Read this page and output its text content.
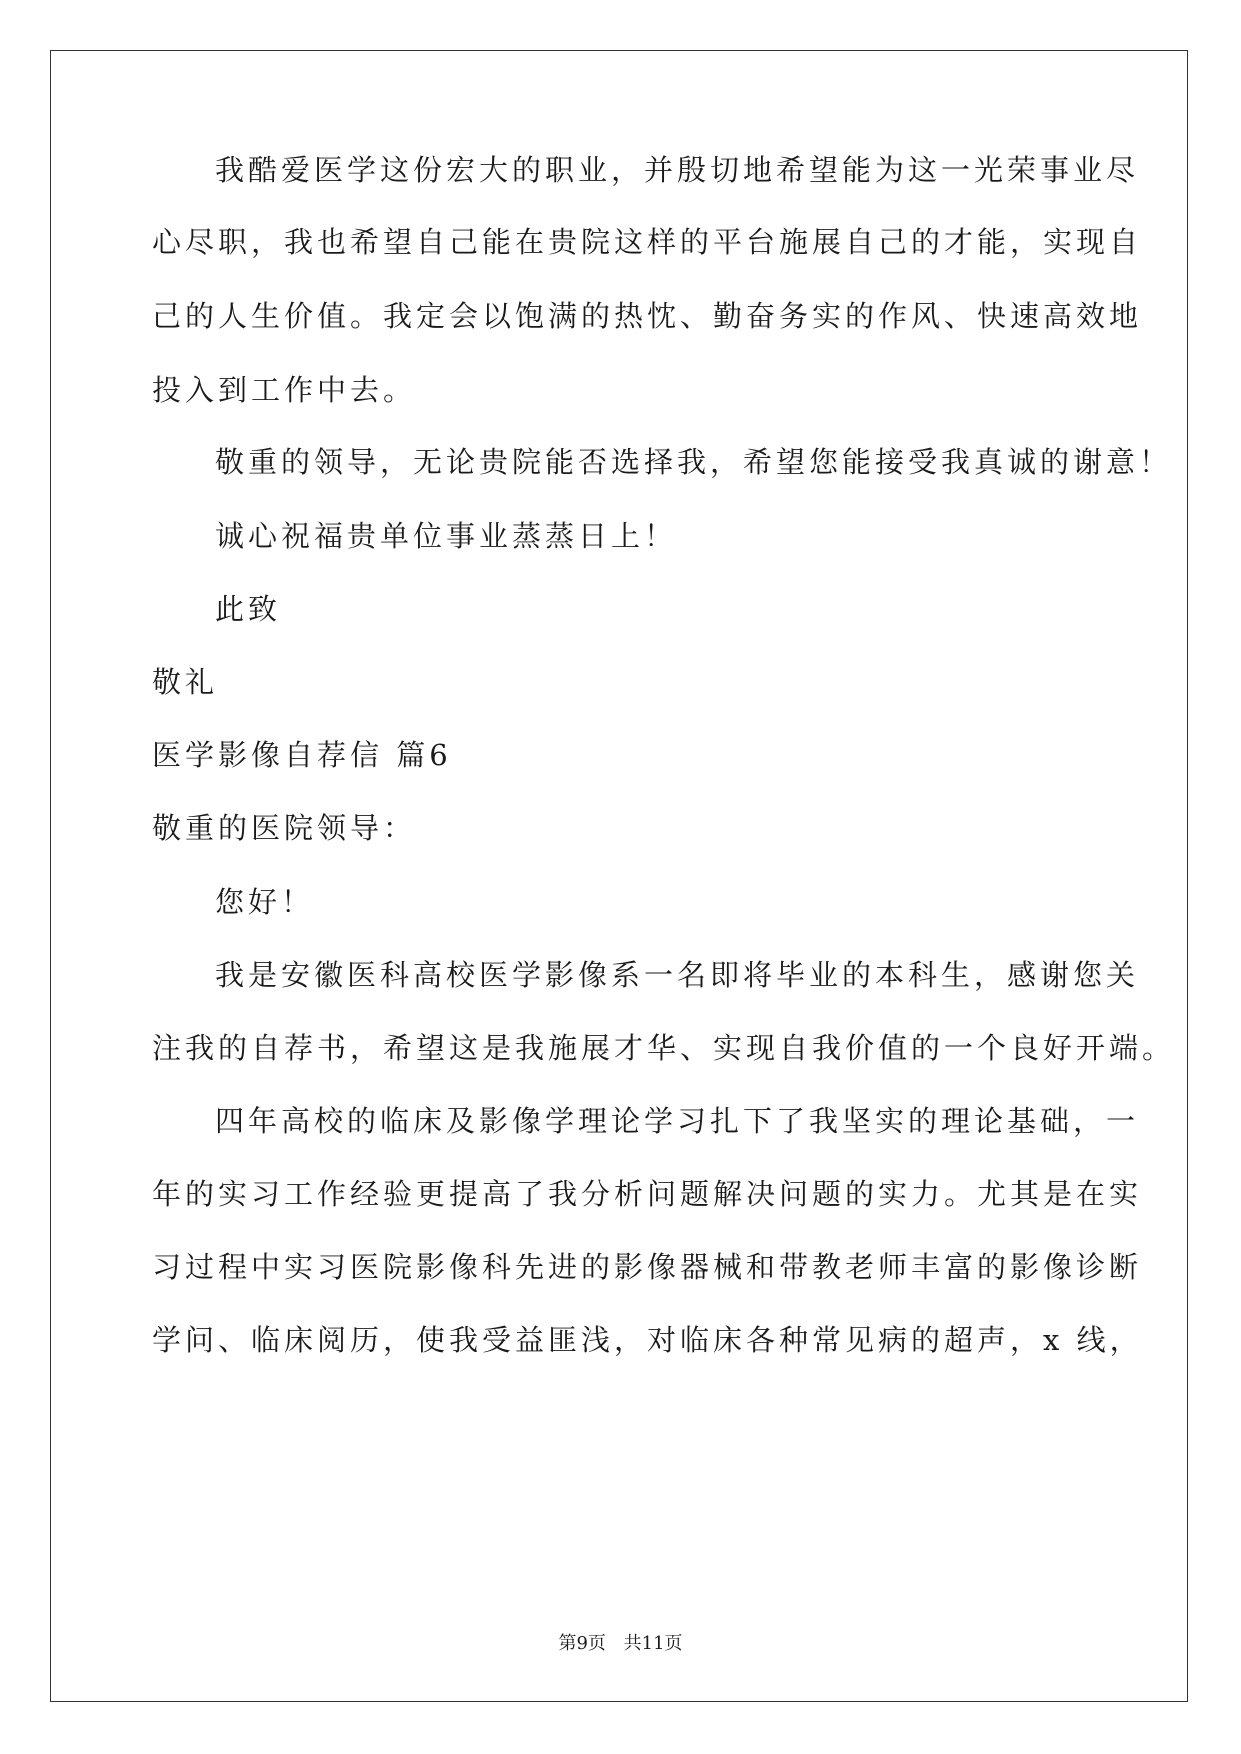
我酷爱医学这份宏大的职业，并殷切地希望能为这一光荣事业尽
心尽职，我也希望自己能在贵院这样的平台施展自己的才能，实现自
己的人生价值。我定会以饱满的热忱、勤奋务实的作风、快速高效地
投入到工作中去。
敬重的领导，无论贵院能否选择我，希望您能接受我真诚的谢意！
诚心祝福贵单位事业蒸蒸日上！
此致
敬礼
医学影像自荐信 篇6
敬重的医院领导：
您好！
我是安徽医科高校医学影像系一名即将毕业的本科生，感谢您关
注我的自荐书，希望这是我施展才华、实现自我价值的一个良好开端。
四年高校的临床及影像学理论学习扎下了我坚实的理论基础，一
年的实习工作经验更提高了我分析问题解决问题的实力。尤其是在实
习过程中实习医院影像科先进的影像器械和带教老师丰富的影像诊断
学问、临床阅历，使我受益匪浅，对临床各种常见病的超声，x 线，
第9页 共11页
